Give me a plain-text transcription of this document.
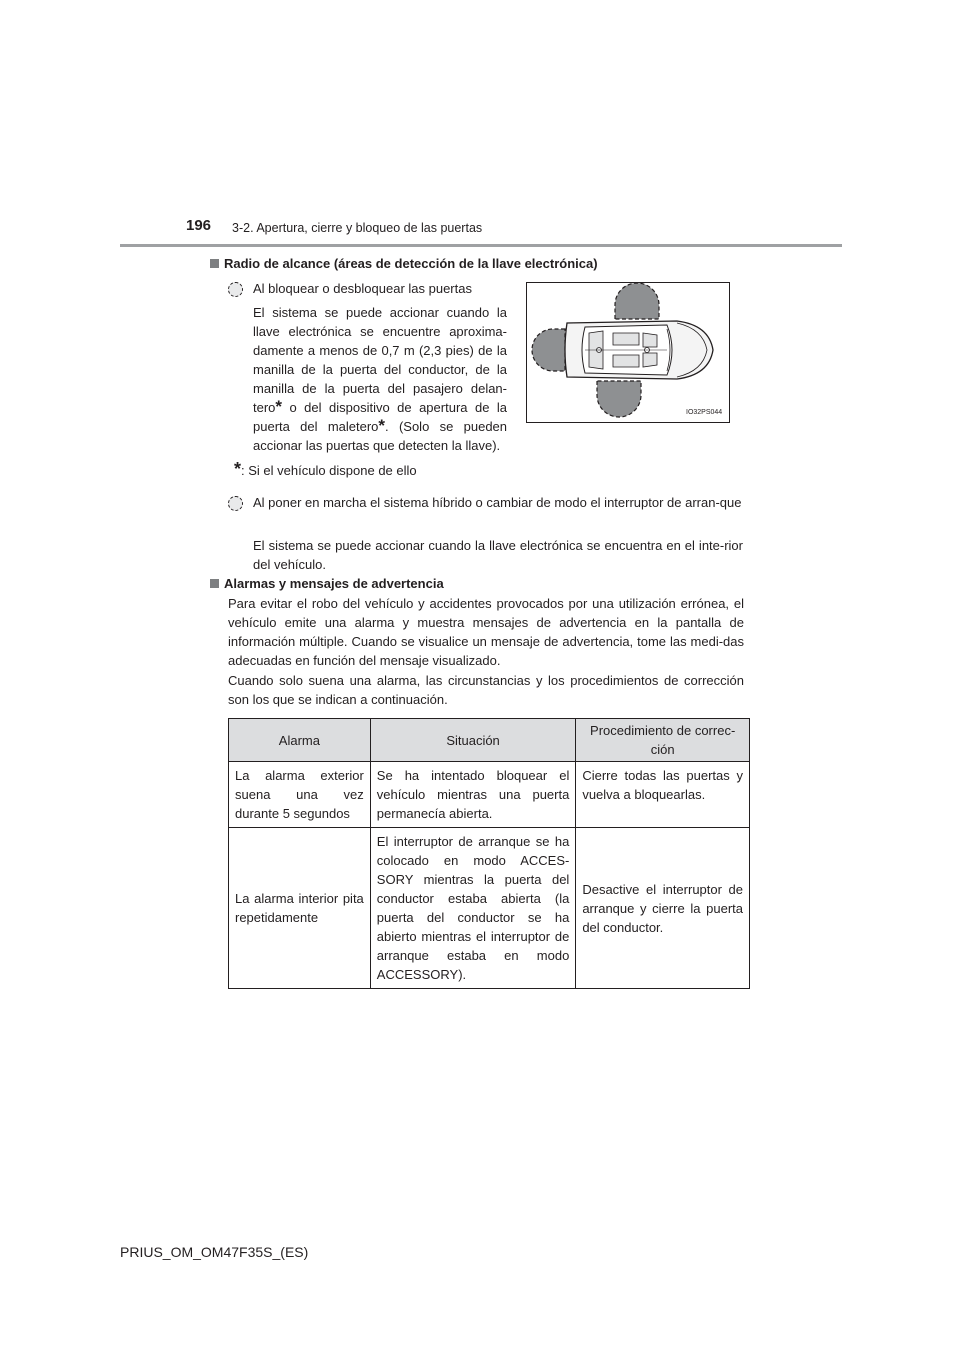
196 3-2. Apertura, cierre y bloqueo de las puertas
Radio de alcance (áreas de detección de la llave electrónica)
Al bloquear o desbloquear las puertas
El sistema se puede accionar cuando la llave electrónica se encuentre aproxima-damente a menos de 0,7 m (2,3 pies) de la manilla de la puerta del conductor, de la manilla de la puerta del pasajero delan-tero* o del dispositivo de apertura de la puerta del maletero*. (Solo se pueden accionar las puertas que detecten la llave).
IO32PS044
*: Si el vehículo dispone de ello
Al poner en marcha el sistema híbrido o cambiar de modo el interruptor de arran-que
El sistema se puede accionar cuando la llave electrónica se encuentra en el inte-rior del vehículo.
Alarmas y mensajes de advertencia
Para evitar el robo del vehículo y accidentes provocados por una utilización errónea, el vehículo emite una alarma y muestra mensajes de advertencia en la pantalla de información múltiple. Cuando se visualice un mensaje de advertencia, tome las medi-das adecuadas en función del mensaje visualizado.
Cuando solo suena una alarma, las circunstancias y los procedimientos de corrección son los que se indican a continuación.
Alarma	Situación	Procedimiento de correc-ción
La alarma exterior suena una vez durante 5 segundos	Se ha intentado bloquear el vehículo mientras una puerta permanecía abierta.	Cierre todas las puertas y vuelva a bloquearlas.
La alarma interior pita repetidamente	El interruptor de arranque se ha colocado en modo ACCES-SORY mientras la puerta del conductor estaba abierta (la puerta del conductor se ha abierto mientras el interruptor de arranque estaba en modo ACCESSORY).	Desactive el interruptor de arranque y cierre la puerta del conductor.
PRIUS_OM_OM47F35S_(ES)
